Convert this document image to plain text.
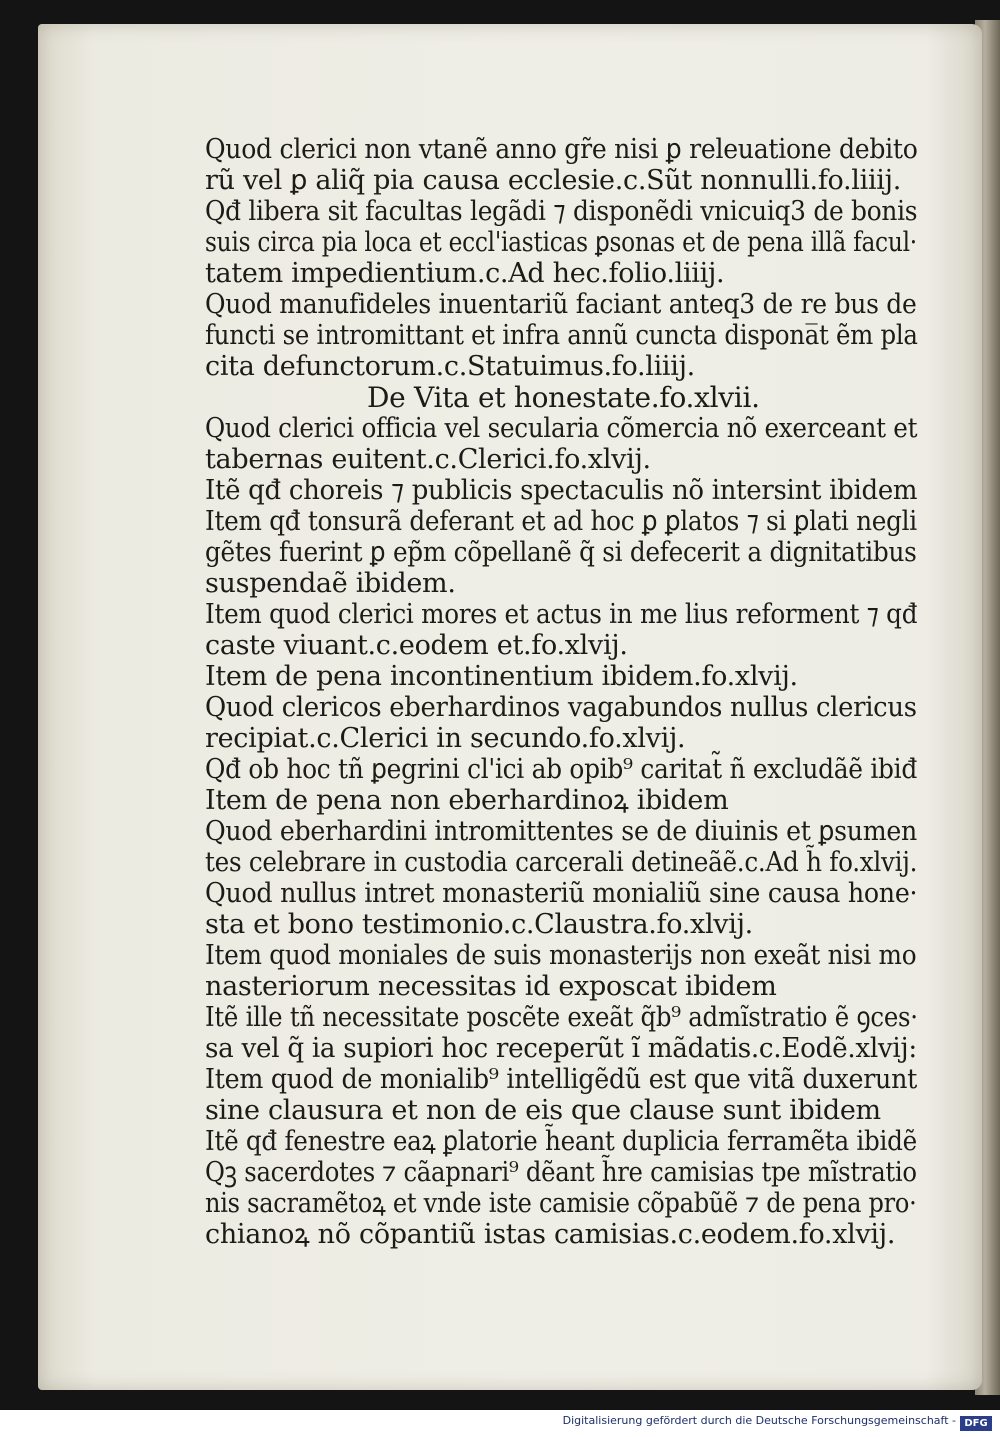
Quod clerici non vtanẽ anno gr̃e nisi ꝑ releuatione debito
rũ vel ꝑ aliq̃ pia causa ecclesie.c.Sũt nonnulli.fo.liiij.
Qđ libera sit facultas legãdi ⁊ disponẽdi vnicuiq3 de bonis
suis circa pia loca et eccl'iasticas ꝑsonas et de pena illã facul·
tatem impedientium.c.Ad hec.folio.liiij.
Quod manufideles inuentariũ faciant anteq3 de re bus de
functi se intromittant et infra annũ cuncta dispona̅t ẽm pla
cita defunctorum.c.Statuimus.fo.liiij.
De Vita et honestate.fo.xlvii.
Quod clerici officia vel secularia cõmercia nõ exerceant et
tabernas euitent.c.Clerici.fo.xlvij.
Itẽ qđ choreis ⁊ publicis spectaculis nõ intersint ibidem
Item qđ tonsurã deferant et ad hoc ꝑ ꝑlatos ⁊ si ꝑlati negli
gẽtes fuerint ꝑ ep̃m cõpellanẽ q̃ si defecerit a dignitatibus
suspendaẽ ibidem.
Item quod clerici mores et actus in me lius reforment ⁊ qđ
caste viuant.c.eodem et.fo.xlvij.
Item de pena incontinentium ibidem.fo.xlvij.
Quod clericos eberhardinos vagabundos nullus clericus
recipiat.c.Clerici in secundo.fo.xlvij.
Qđ ob hoc tñ ꝑegrini cl'ici ab opib⁹ caritat̃ ñ excludãẽ ibiđ
Item de pena non eberhardinoꝝ ibidem
Quod eberhardini intromittentes se de diuinis et ꝑsumen
tes celebrare in custodia carcerali detineãẽ.c.Ad h̃ fo.xlvij.
Quod nullus intret monasteriũ monialiũ sine causa hone·
sta et bono testimonio.c.Claustra.fo.xlvij.
Item quod moniales de suis monasterijs non exeãt nisi mo
nasteriorum necessitas id exposcat ibidem
Itẽ ille tñ necessitate poscẽte exeãt q̃b⁹ admĩstratio ẽ ꝯces·
sa vel q̃ ia supiori hoc receperũt ĩ mãdatis.c.Eodẽ.xlvij:
Item quod de monialib⁹ intelligẽdũ est que vitã duxerunt
sine clausura et non de eis que clause sunt ibidem
Itẽ qđ fenestre eaꝝ ꝑlatorie h̃eant duplicia ferramẽta ibidẽ
Qꝫ sacerdotes ⁊ cãapnari⁹ dẽant h̃re camisias tpe mĩstratio
nis sacramẽtoꝝ et vnde iste camisie cõpabũẽ ⁊ de pena pro·
chianoꝝ nõ cõpantiũ istas camisias.c.eodem.fo.xlvij.
Digitalisierung gefördert durch die Deutsche Forschungsgemeinschaft - DFG
